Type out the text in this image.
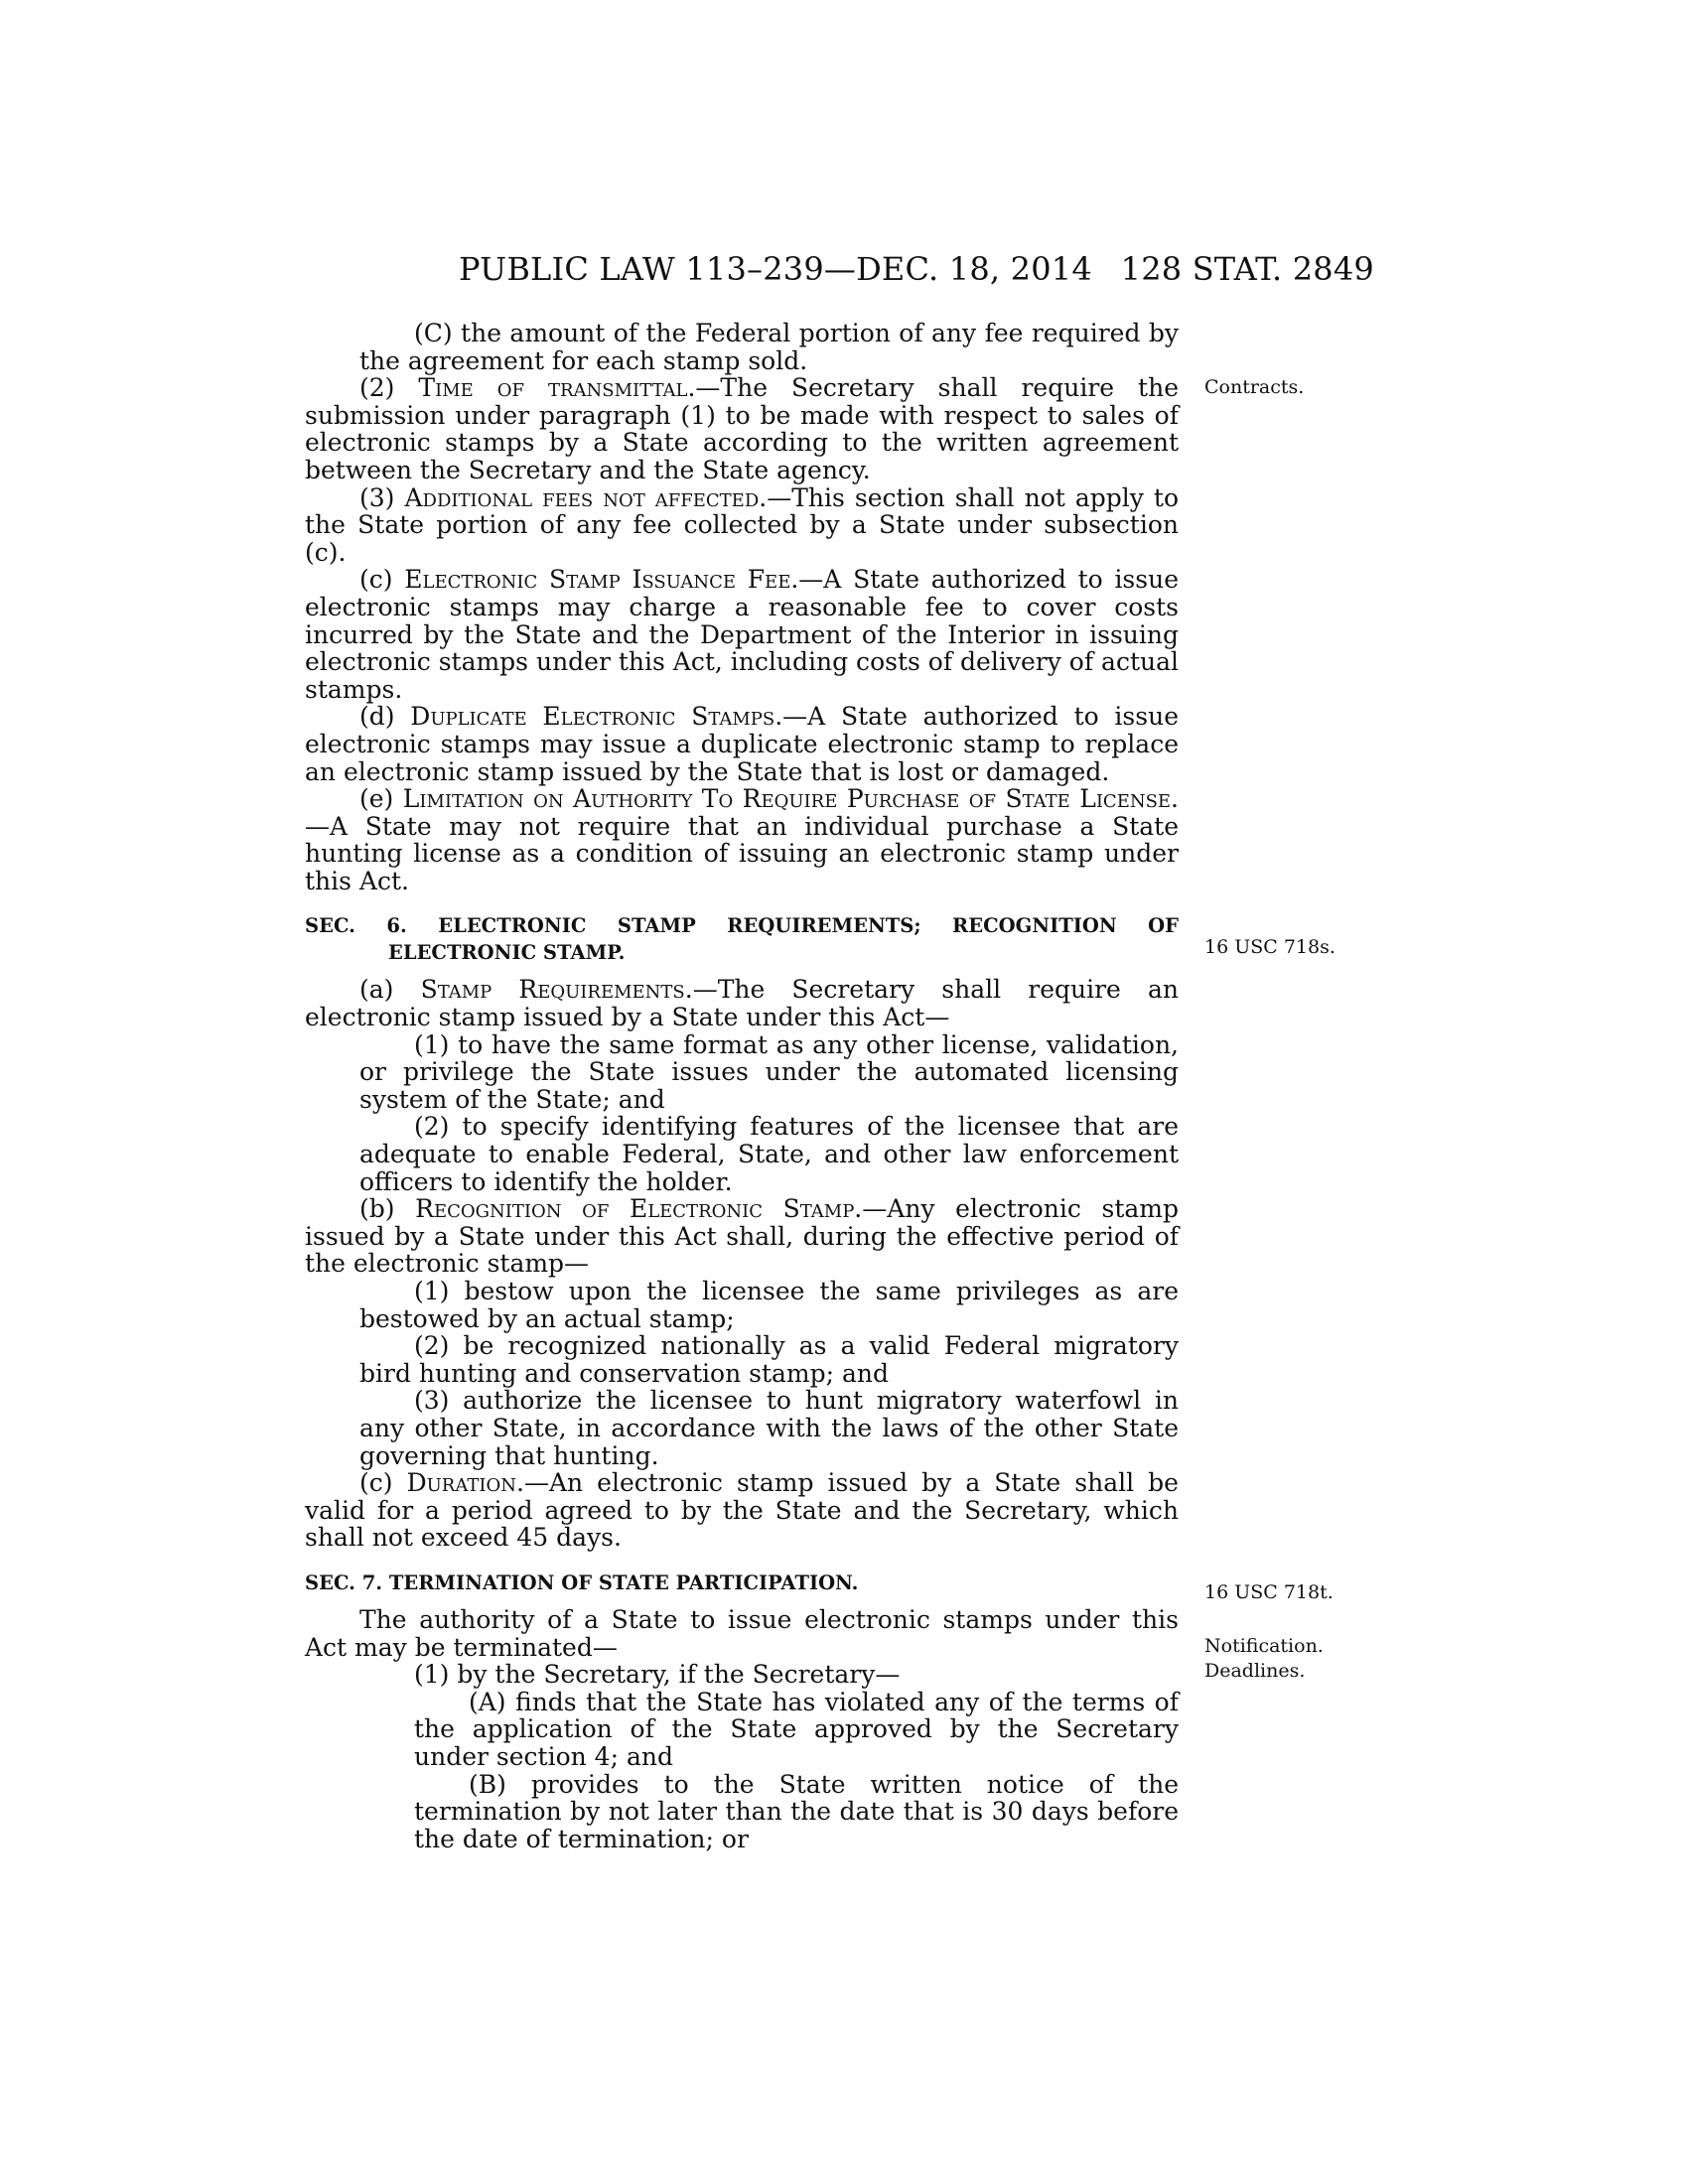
PUBLIC LAW 113–239—DEC. 18, 2014 128 STAT. 2849
Contracts.
16 USC 718s.
16 USC 718t.
Notification.
Deadlines.

(C) the amount of the Federal portion of any fee required by the agreement for each stamp sold.

(2) Time of transmittal.—The Secretary shall require the submission under paragraph (1) to be made with respect to sales of electronic stamps by a State according to the written agreement between the Secretary and the State agency.

(3) Additional fees not affected.—This section shall not apply to the State portion of any fee collected by a State under subsection (c).

(c) Electronic Stamp Issuance Fee.—A State authorized to issue electronic stamps may charge a reasonable fee to cover costs incurred by the State and the Department of the Interior in issuing electronic stamps under this Act, including costs of delivery of actual stamps.

(d) Duplicate Electronic Stamps.—A State authorized to issue electronic stamps may issue a duplicate electronic stamp to replace an electronic stamp issued by the State that is lost or damaged.

(e) Limitation on Authority To Require Purchase of State License.—A State may not require that an individual purchase a State hunting license as a condition of issuing an electronic stamp under this Act.

SEC. 6. ELECTRONIC STAMP REQUIREMENTS; RECOGNITION OF ELECTRONIC STAMP.

(a) Stamp Requirements.—The Secretary shall require an electronic stamp issued by a State under this Act—

(1) to have the same format as any other license, validation, or privilege the State issues under the automated licensing system of the State; and

(2) to specify identifying features of the licensee that are adequate to enable Federal, State, and other law enforcement officers to identify the holder.

(b) Recognition of Electronic Stamp.—Any electronic stamp issued by a State under this Act shall, during the effective period of the electronic stamp—

(1) bestow upon the licensee the same privileges as are bestowed by an actual stamp;

(2) be recognized nationally as a valid Federal migratory bird hunting and conservation stamp; and

(3) authorize the licensee to hunt migratory waterfowl in any other State, in accordance with the laws of the other State governing that hunting.

(c) Duration.—An electronic stamp issued by a State shall be valid for a period agreed to by the State and the Secretary, which shall not exceed 45 days.

SEC. 7. TERMINATION OF STATE PARTICIPATION.

The authority of a State to issue electronic stamps under this Act may be terminated—

(1) by the Secretary, if the Secretary—

(A) finds that the State has violated any of the terms of the application of the State approved by the Secretary under section 4; and

(B) provides to the State written notice of the termination by not later than the date that is 30 days before the date of termination; or
